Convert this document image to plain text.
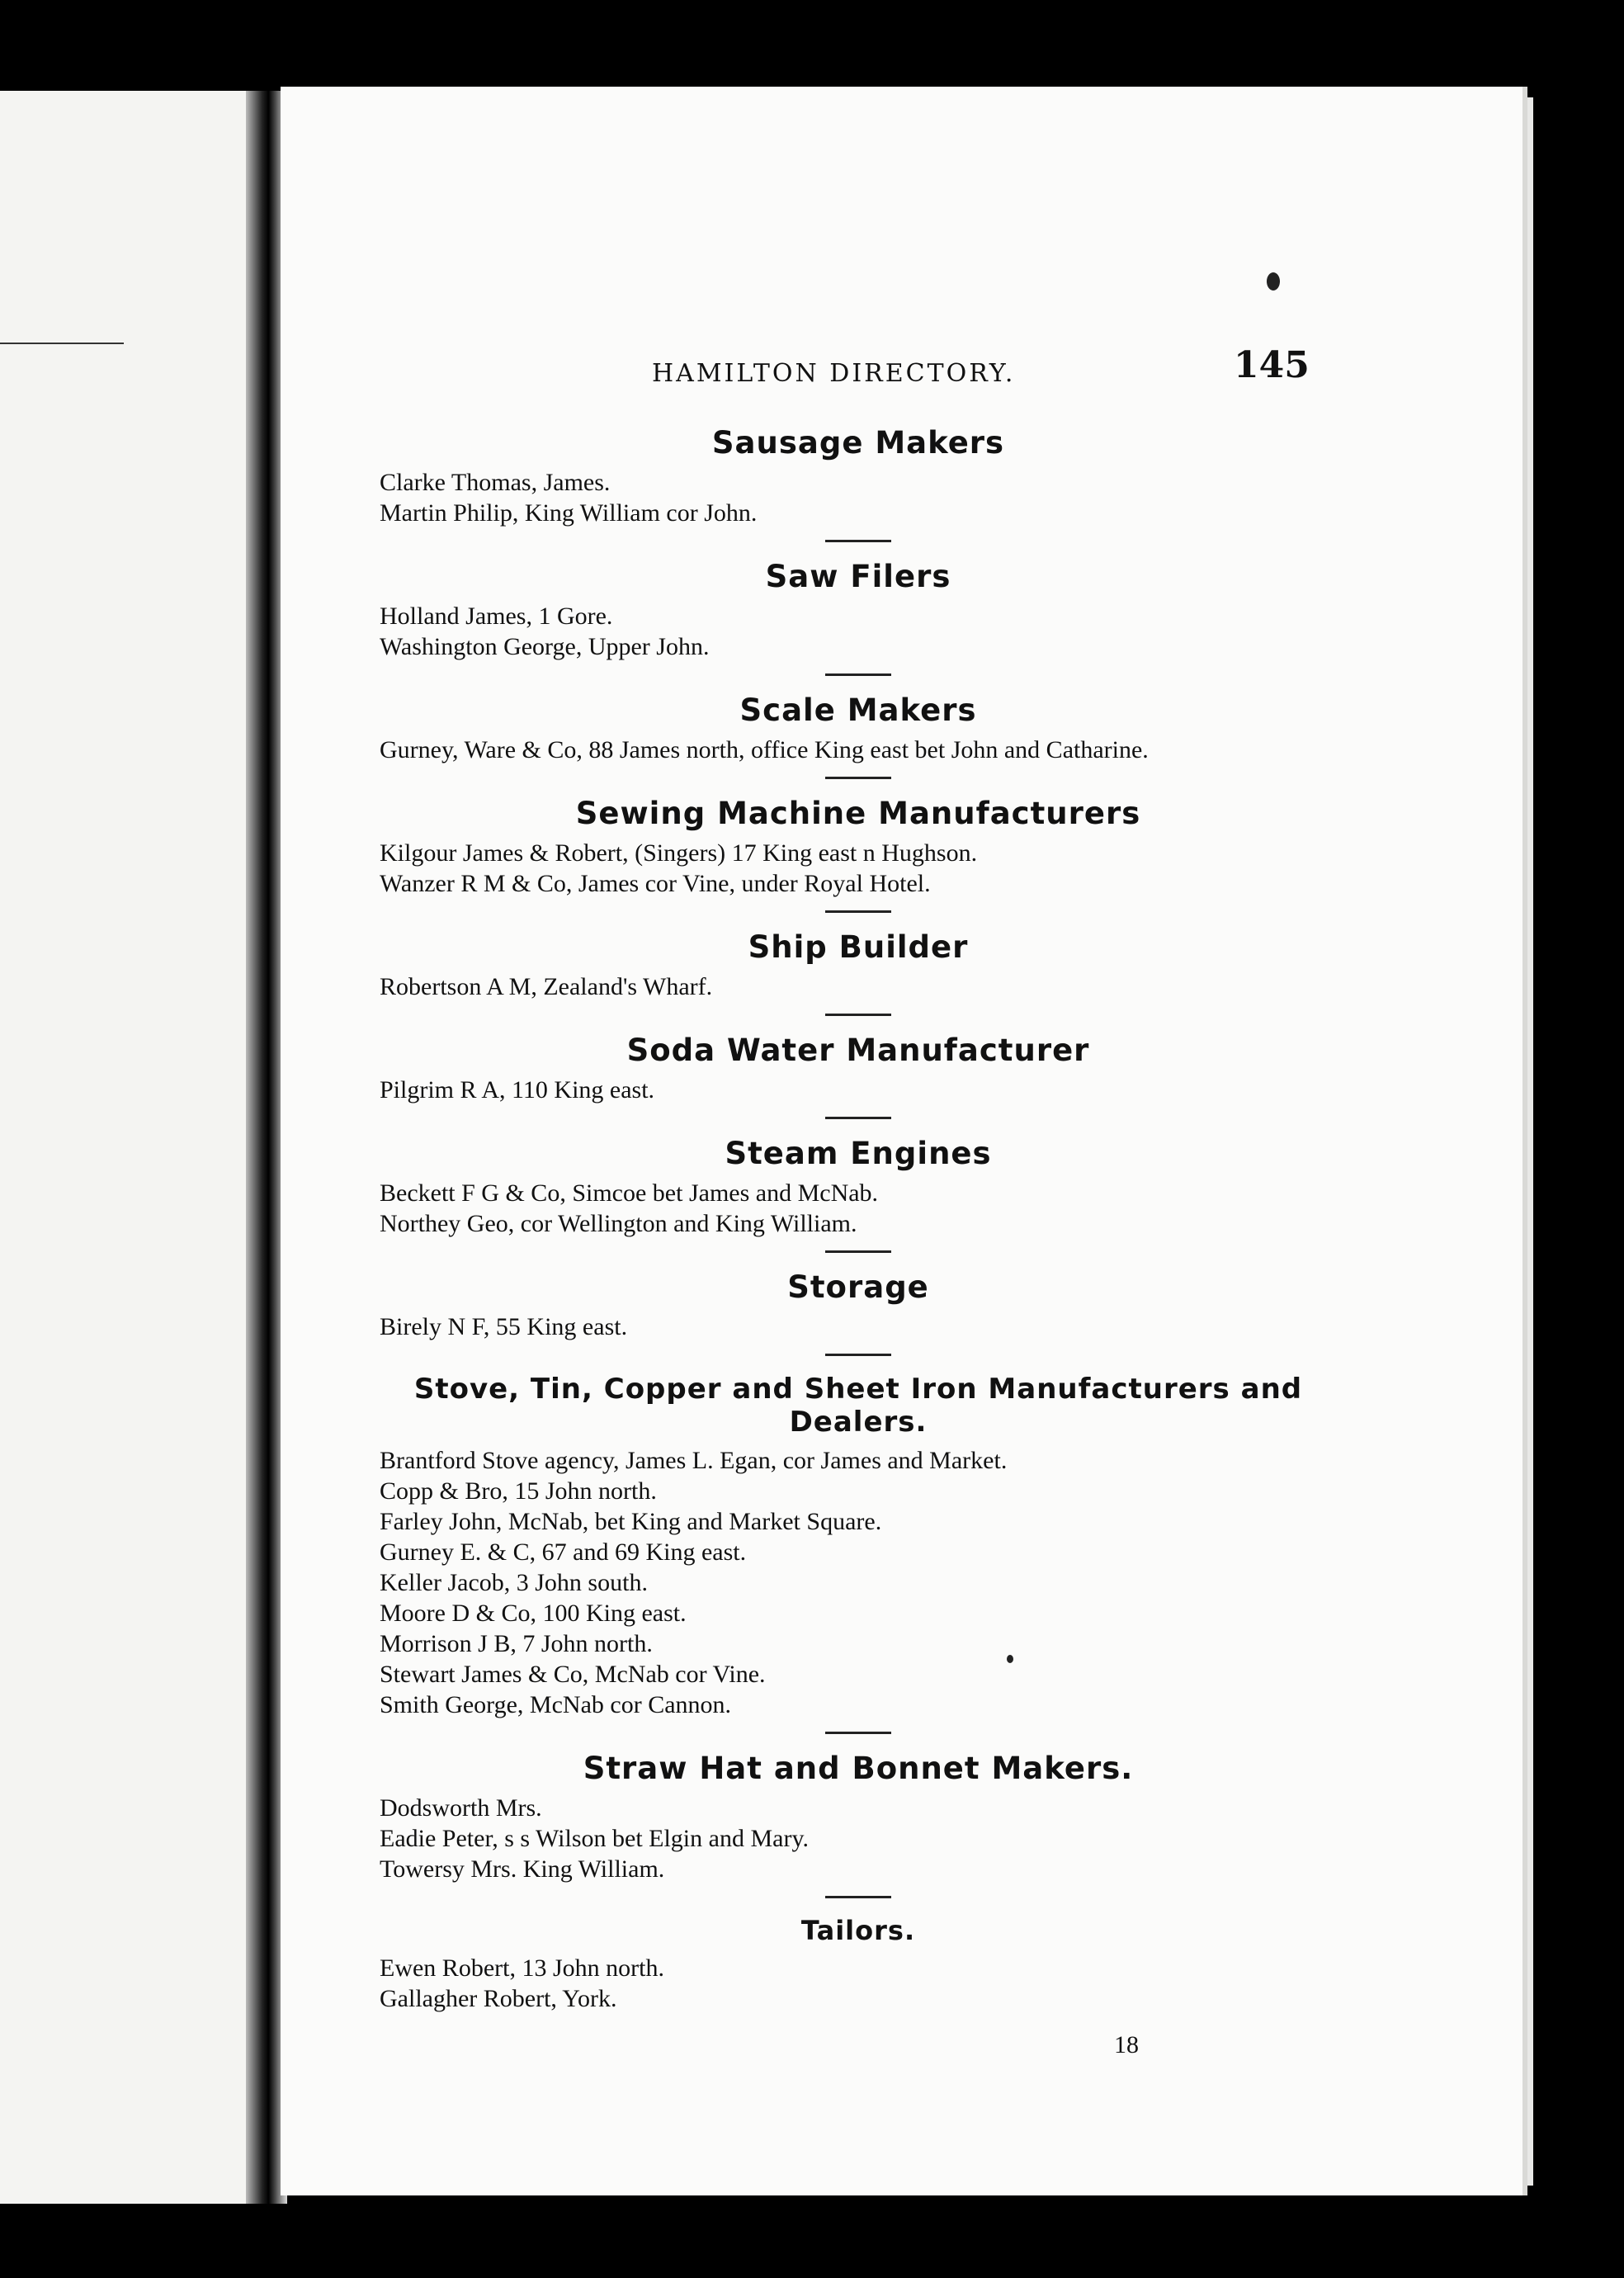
HAMILTON DIRECTORY.	145
Sausage Makers
Clarke Thomas, James.
Martin Philip, King William cor John.
Saw Filers
Holland James, 1 Gore.
Washington George, Upper John.
Scale Makers
Gurney, Ware & Co, 88 James north, office King east bet John and Catharine.
Sewing Machine Manufacturers
Kilgour James & Robert, (Singers) 17 King east n Hughson.
Wanzer R M & Co, James cor Vine, under Royal Hotel.
Ship Builder
Robertson A M, Zealand's Wharf.
Soda Water Manufacturer
Pilgrim R A, 110 King east.
Steam Engines
Beckett F G & Co, Simcoe bet James and McNab.
Northey Geo, cor Wellington and King William.
Storage
Birely N F, 55 King east.
Stove, Tin, Copper and Sheet Iron Manufacturers and Dealers.
Brantford Stove agency, James L. Egan, cor James and Market.
Copp & Bro, 15 John north.
Farley John, McNab, bet King and Market Square.
Gurney E. & C, 67 and 69 King east.
Keller Jacob, 3 John south.
Moore D & Co, 100 King east.
Morrison J B, 7 John north.
Stewart James & Co, McNab cor Vine.
Smith George, McNab cor Cannon.
Straw Hat and Bonnet Makers.
Dodsworth Mrs.
Eadie Peter, s s Wilson bet Elgin and Mary.
Towersy Mrs. King William.
Tailors.
Ewen Robert, 13 John north.
Gallagher Robert, York.
18
